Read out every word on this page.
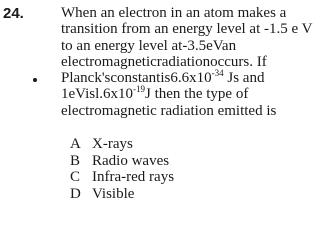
24. When an electron in an atom makes a
transition from an energy level at -1.5 e V
to an energy level at-3.5eVan
electromagneticradiationoccurs. If
$Planck'sconstantis6.6x10^{-34}$ Js and
$1eVisl.6x10^{-19}J$ then the type of
electromagnetic radiation emitted is
A X-rays
B Radio waves
C Infra-red rays
D Visible
